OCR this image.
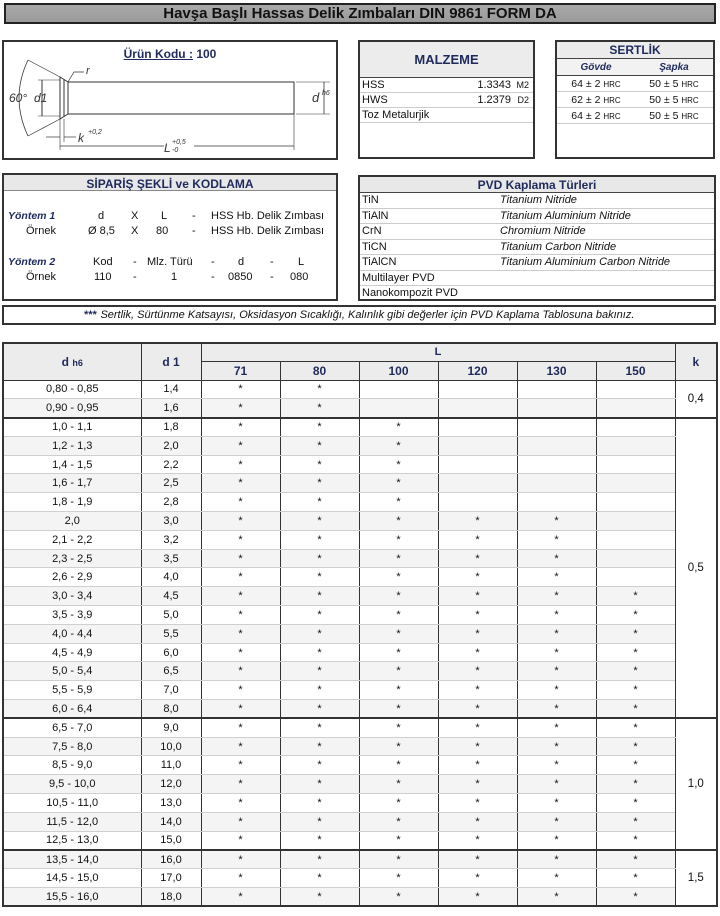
Havşa Başlı Hassas Delik Zımbaları DIN 9861 FORM DA
60° d1
r
d h6
k +0,2
L +0,5
-0
Ürün Kodu : 100	MALZEME
HSS	1.3343 M2
HWS	1.2379 D2
Toz Metalurjik
SERTLİK
Gövde	Şapka
64 ± 2 HRC	50 ± 5 HRC
62 ± 2 HRC	50 ± 5 HRC
64 ± 2 HRC	50 ± 5 HRC
SİPARİŞ ŞEKLİ ve KODLAMA
Yöntem 1	d X L - HSS Hb. Delik Zımbası
Örnek	Ø 8,5 X 80 - HSS Hb. Delik Zımbası
Yöntem 2	Kod - Mlz. Türü - d - L
Örnek	110 -	1	- 0850 - 080
PVD Kaplama Türleri
TiN	Titanium Nitride
TiAlN	Titanium Aluminium Nitride
CrN	Chromium Nitride
TiCN	Titanium Carbon Nitride
TiAlCN	Titanium Aluminium Carbon Nitride
Multilayer PVD
Nanokompozit PVD
*** Sertlik, Sürtünme Katsayısı, Oksidasyon Sıcaklığı, Kalınlık gibi değerler için PVD Kaplama Tablosuna bakınız.
d h6	d 1	L						k
		71	80	100	120	130	150	
0,80 - 0,85	1,4	*	*					0,4
0,90 - 0,95	1,6	*	*					
1,0 - 1,1	1,8	*	*	*				0,5
1,2 - 1,3	2,0	*	*	*				
1,4 - 1,5	2,2	*	*	*				
1,6 - 1,7	2,5	*	*	*				
1,8 - 1,9	2,8	*	*	*				
2,0	3,0	*	*	*	*	*		
2,1 - 2,2	3,2	*	*	*	*	*		
2,3 - 2,5	3,5	*	*	*	*	*		
2,6 - 2,9	4,0	*	*	*	*	*		
3,0 - 3,4	4,5	*	*	*	*	*	*	
3,5 - 3,9	5,0	*	*	*	*	*	*	
4,0 - 4,4	5,5	*	*	*	*	*	*	
4,5 - 4,9	6,0	*	*	*	*	*	*	
5,0 - 5,4	6,5	*	*	*	*	*	*	
5,5 - 5,9	7,0	*	*	*	*	*	*	
6,0 - 6,4	8,0	*	*	*	*	*	*	
6,5 - 7,0	9,0	*	*	*	*	*	*	1,0
7,5 - 8,0	10,0	*	*	*	*	*	*	
8,5 - 9,0	11,0	*	*	*	*	*	*	
9,5 - 10,0	12,0	*	*	*	*	*	*	
10,5 - 11,0	13,0	*	*	*	*	*	*	
11,5 - 12,0	14,0	*	*	*	*	*	*	
12,5 - 13,0	15,0	*	*	*	*	*	*	
13,5 - 14,0	16,0	*	*	*	*	*	*	1,5
14,5 - 15,0	17,0	*	*	*	*	*	*	
15,5 - 16,0	18,0	*	*	*	*	*	*	
